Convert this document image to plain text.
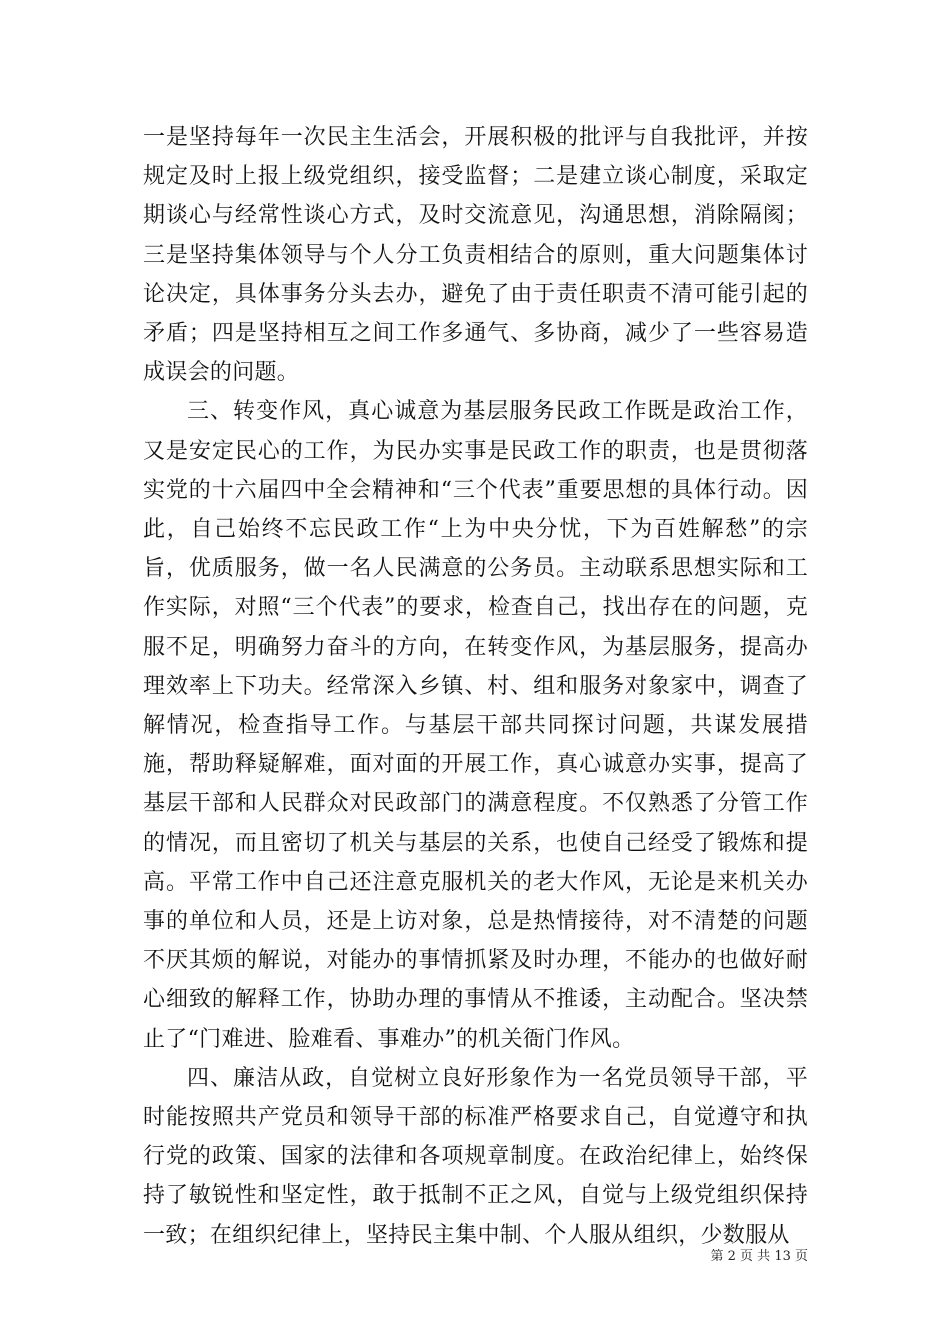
一是坚持每年一次民主生活会，开展积极的批评与自我批评，并按规定及时上报上级党组织，接受监督；二是建立谈心制度，采取定期谈心与经常性谈心方式，及时交流意见，沟通思想，消除隔阂；三是坚持集体领导与个人分工负责相结合的原则，重大问题集体讨论决定，具体事务分头去办，避免了由于责任职责不清可能引起的矛盾；四是坚持相互之间工作多通气、多协商，减少了一些容易造成误会的问题。

三、转变作风，真心诚意为基层服务民政工作既是政治工作，又是安定民心的工作，为民办实事是民政工作的职责，也是贯彻落实党的十六届四中全会精神和“三个代表”重要思想的具体行动。因此，自己始终不忘民政工作“上为中央分忧，下为百姓解愁”的宗旨，优质服务，做一名人民满意的公务员。主动联系思想实际和工作实际，对照“三个代表”的要求，检查自己，找出存在的问题，克服不足，明确努力奋斗的方向，在转变作风，为基层服务，提高办理效率上下功夫。经常深入乡镇、村、组和服务对象家中，调查了解情况，检查指导工作。与基层干部共同探讨问题，共谋发展措施，帮助释疑解难，面对面的开展工作，真心诚意办实事，提高了基层干部和人民群众对民政部门的满意程度。不仅熟悉了分管工作的情况，而且密切了机关与基层的关系，也使自己经受了锻炼和提高。平常工作中自己还注意克服机关的老大作风，无论是来机关办事的单位和人员，还是上访对象，总是热情接待，对不清楚的问题不厌其烦的解说，对能办的事情抓紧及时办理，不能办的也做好耐心细致的解释工作，协助办理的事情从不推诿，主动配合。坚决禁止了“门难进、脸难看、事难办”的机关衙门作风。

四、廉洁从政，自觉树立良好形象作为一名党员领导干部，平时能按照共产党员和领导干部的标准严格要求自己，自觉遵守和执行党的政策、国家的法律和各项规章制度。在政治纪律上，始终保持了敏锐性和坚定性，敢于抵制不正之风，自觉与上级党组织保持一致；在组织纪律上，坚持民主集中制、个人服从组织，少数服从

第 2 页 共 13 页
